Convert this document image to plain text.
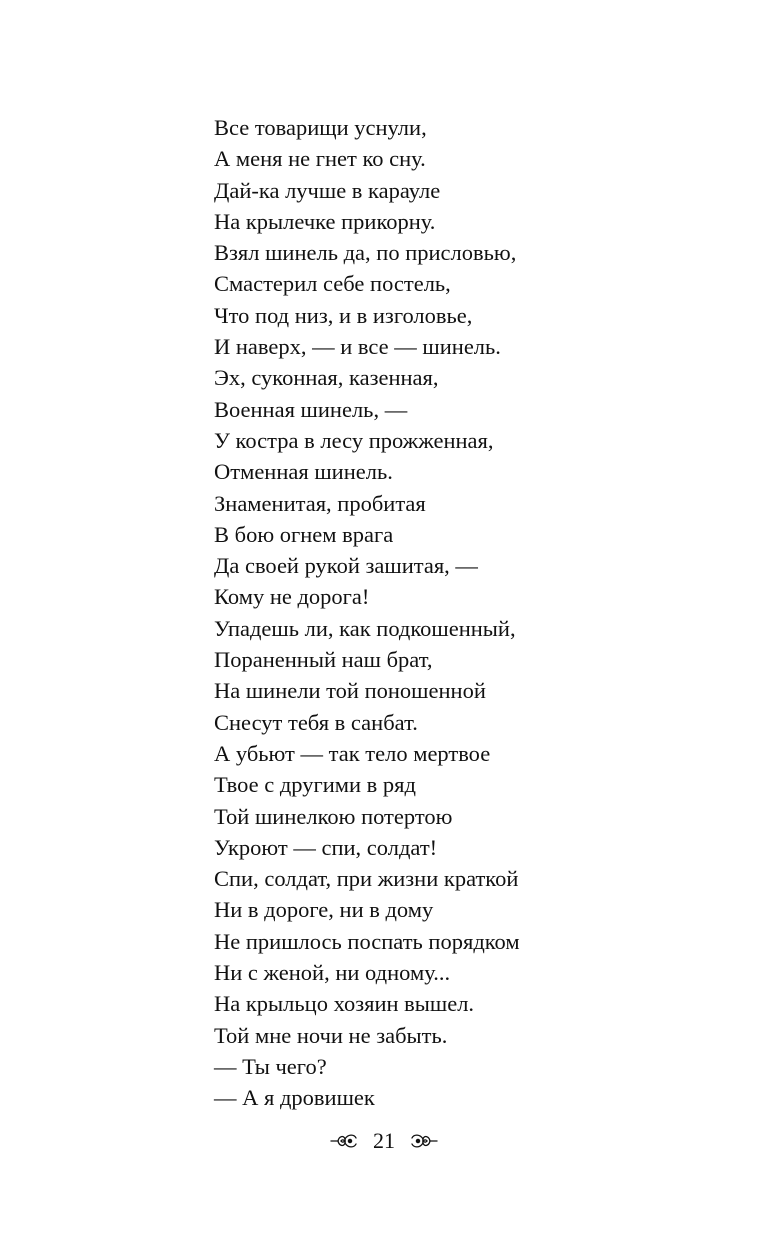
Все товарищи уснули,
А меня не гнет ко сну.
Дай-ка лучше в карауле
На крылечке прикорну.
Взял шинель да, по присловью,
Смастерил себе постель,
Что под низ, и в изголовье,
И наверх, — и все — шинель.
Эх, суконная, казенная,
Военная шинель, —
У костра в лесу прожженная,
Отменная шинель.
Знаменитая, пробитая
В бою огнем врага
Да своей рукой зашитая, —
Кому не дорога!
Упадешь ли, как подкошенный,
Пораненный наш брат,
На шинели той поношенной
Снесут тебя в санбат.
А убьют — так тело мертвое
Твое с другими в ряд
Той шинелкою потертою
Укроют — спи, солдат!
Спи, солдат, при жизни краткой
Ни в дороге, ни в дому
Не пришлось поспать порядком
Ни с женой, ни одному...
На крыльцо хозяин вышел.
Той мне ночи не забыть.
— Ты чего?
— А я дровишек
21
